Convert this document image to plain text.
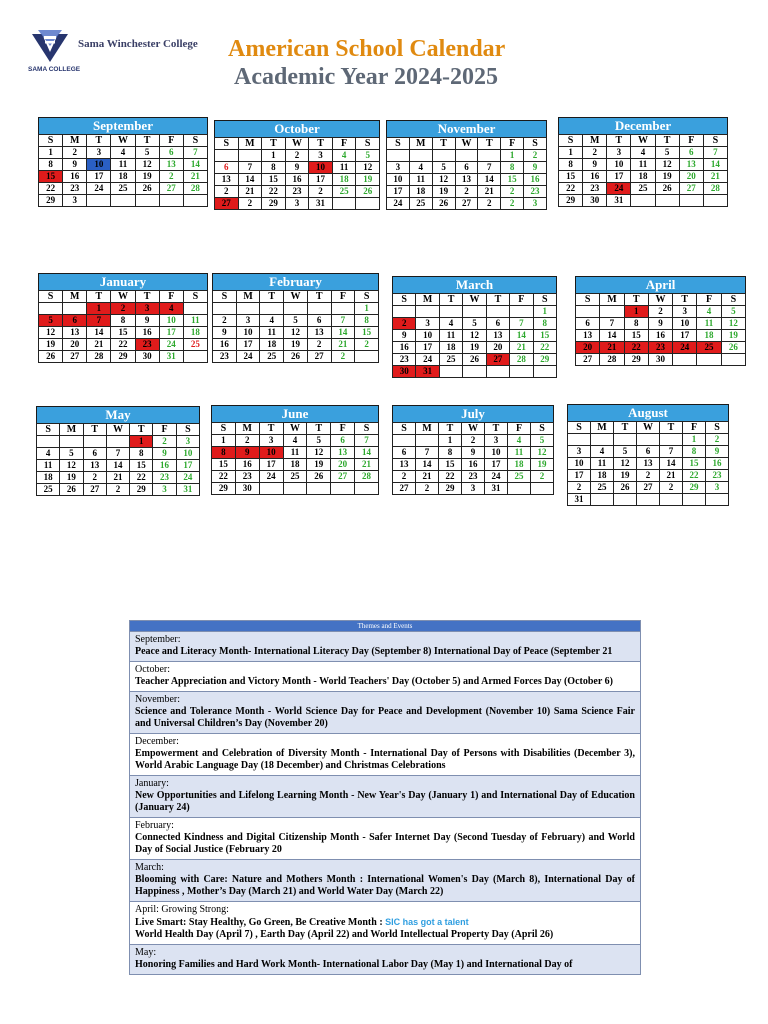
Sama Winchester College
SAMA COLLEGE
American School Calendar
Academic Year 2024-2025
September
S	M	T	W	T	F	S
1	2	3	4	5	6	7
8	9	10	11	12	13	14
15	16	17	18	19	2	21
22	23	24	25	26	27	28
29	3					
October
S	M	T	W	T	F	S
		1	2	3	4	5
6	7	8	9	10	11	12
13	14	15	16	17	18	19
2	21	22	23	2	25	26
27	2	29	3	31		
November
S	M	T	W	T	F	S
					1	2
3	4	5	6	7	8	9
10	11	12	13	14	15	16
17	18	19	2	21	2	23
24	25	26	27	2	2	3
December
S	M	T	W	T	F	S
1	2	3	4	5	6	7
8	9	10	11	12	13	14
15	16	17	18	19	20	21
22	23	24	25	26	27	28
29	30	31				
January
S	M	T	W	T	F	S
		1	2	3	4	
5	6	7	8	9	10	11
12	13	14	15	16	17	18
19	20	21	22	23	24	25
26	27	28	29	30	31	
February
S	M	T	W	T	F	S
						1
2	3	4	5	6	7	8
9	10	11	12	13	14	15
16	17	18	19	2	21	2
23	24	25	26	27	2	
March
S	M	T	W	T	F	S
						1
2	3	4	5	6	7	8
9	10	11	12	13	14	15
16	17	18	19	20	21	22
23	24	25	26	27	28	29
30	31					
April
S	M	T	W	T	F	S
		1	2	3	4	5
6	7	8	9	10	11	12
13	14	15	16	17	18	19
20	21	22	23	24	25	26
27	28	29	30			
May
S	M	T	W	T	F	S
				1	2	3
4	5	6	7	8	9	10
11	12	13	14	15	16	17
18	19	2	21	22	23	24
25	26	27	2	29	3	31
June
S	M	T	W	T	F	S
1	2	3	4	5	6	7
8	9	10	11	12	13	14
15	16	17	18	19	20	21
22	23	24	25	26	27	28
29	30					
July
S	M	T	W	T	F	S
		1	2	3	4	5
6	7	8	9	10	11	12
13	14	15	16	17	18	19
2	21	22	23	24	25	2
27	2	29	3	31		
August
S	M	T	W	T	F	S
					1	2
3	4	5	6	7	8	9
10	11	12	13	14	15	16
17	18	19	2	21	22	23
2	25	26	27	2	29	3
31						
Themes and Events
September:
Peace and Literacy Month- International Literacy Day (September 8) International Day of Peace (September 21
October:
Teacher Appreciation and Victory Month - World Teachers' Day (October 5) and Armed Forces Day (October 6)
November:
Science and Tolerance Month - World Science Day for Peace and Development (November 10) Sama Science Fair and Universal Children’s Day (November 20)
December:
Empowerment and Celebration of Diversity Month - International Day of Persons with Disabilities (December 3), World Arabic Language Day (18 December) and Christmas Celebrations
January:
New Opportunities and Lifelong Learning Month - New Year's Day (January 1) and International Day of Education (January 24)
February:
Connected Kindness and Digital Citizenship Month - Safer Internet Day (Second Tuesday of February) and World Day of Social Justice (February 20
March:
Blooming with Care: Nature and Mothers Month : International Women's Day (March 8), International Day of Happiness , Mother’s Day (March 21) and World Water Day (March 22)
April: Growing Strong:
Live Smart: Stay Healthy, Go Green, Be Creative Month : SIC has got a talent
World Health Day (April 7) , Earth Day (April 22) and World Intellectual Property Day (April 26)
May:
Honoring Families and Hard Work Month- International Labor Day (May 1) and International Day of
